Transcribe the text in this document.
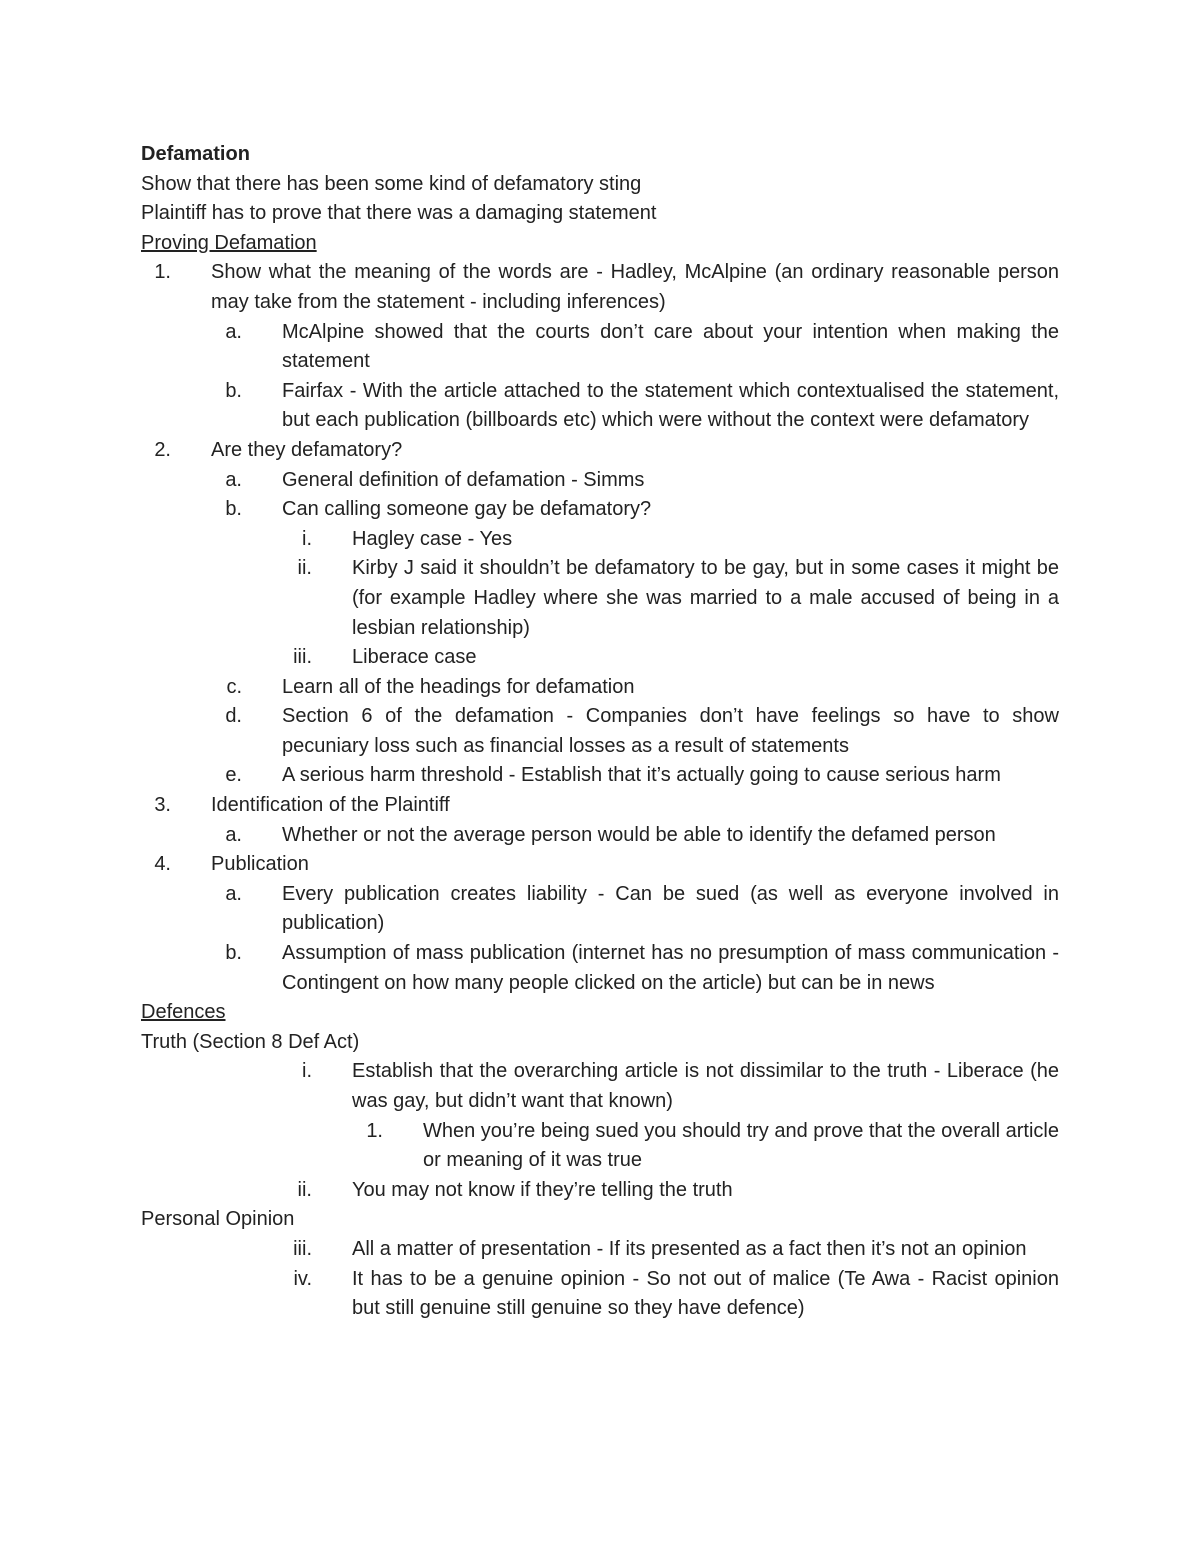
Defamation

Show that there has been some kind of defamatory sting

Plaintiff has to prove that there was a damaging statement

Proving Defamation

1. Show what the meaning of the words are - Hadley, McAlpine (an ordinary reasonable person may take from the statement - including inferences)
a. McAlpine showed that the courts don’t care about your intention when making the statement
b. Fairfax - With the article attached to the statement which contextualised the statement, but each publication (billboards etc) which were without the context were defamatory
2. Are they defamatory?
a. General definition of defamation - Simms
b. Can calling someone gay be defamatory?
i. Hagley case - Yes
ii. Kirby J said it shouldn’t be defamatory to be gay, but in some cases it might be (for example Hadley where she was married to a male accused of being in a lesbian relationship)
iii. Liberace case
c. Learn all of the headings for defamation
d. Section 6 of the defamation - Companies don’t have feelings so have to show pecuniary loss such as financial losses as a result of statements
e. A serious harm threshold - Establish that it’s actually going to cause serious harm
3. Identification of the Plaintiff
a. Whether or not the average person would be able to identify the defamed person
4. Publication
a. Every publication creates liability - Can be sued (as well as everyone involved in publication)
b. Assumption of mass publication (internet has no presumption of mass communication - Contingent on how many people clicked on the article) but can be in news

Defences

Truth (Section 8 Def Act)

i. Establish that the overarching article is not dissimilar to the truth - Liberace (he was gay, but didn’t want that known)
1. When you’re being sued you should try and prove that the overall article or meaning of it was true
ii. You may not know if they’re telling the truth

Personal Opinion

iii. All a matter of presentation - If its presented as a fact then it’s not an opinion
iv. It has to be a genuine opinion - So not out of malice (Te Awa - Racist opinion but still genuine still genuine so they have defence)
